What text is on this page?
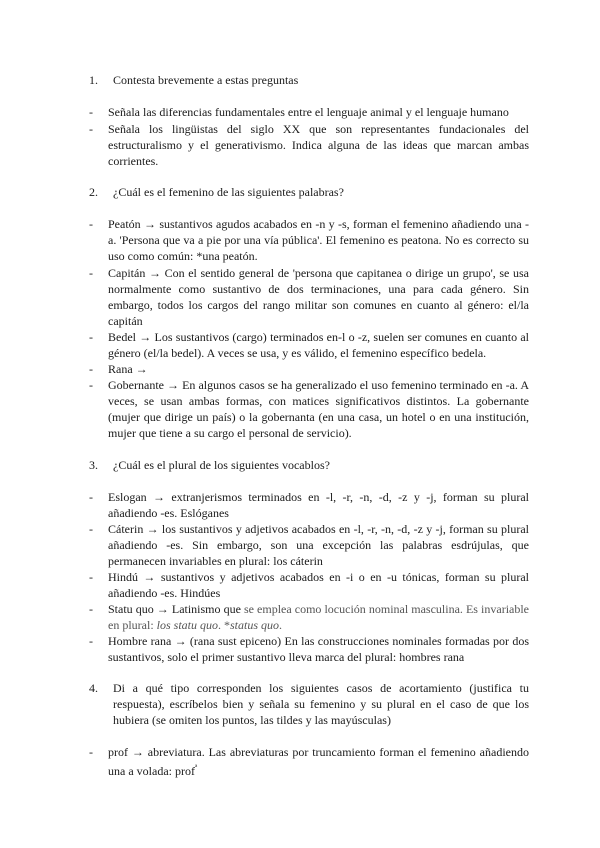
1. Contesta brevemente a estas preguntas
- Señala las diferencias fundamentales entre el lenguaje animal y el lenguaje humano
- Señala los lingüistas del siglo XX que son representantes fundacionales del estructuralismo y el generativismo. Indica alguna de las ideas que marcan ambas corrientes.
2. ¿Cuál es el femenino de las siguientes palabras?
- Peatón → sustantivos agudos acabados en -n y -s, forman el femenino añadiendo una -a. 'Persona que va a pie por una vía pública'. El femenino es peatona. No es correcto su uso como común: *una peatón.
- Capitán → Con el sentido general de 'persona que capitanea o dirige un grupo', se usa normalmente como sustantivo de dos terminaciones, una para cada género. Sin embargo, todos los cargos del rango militar son comunes en cuanto al género: el/la capitán
- Bedel → Los sustantivos (cargo) terminados en-l o -z, suelen ser comunes en cuanto al género (el/la bedel). A veces se usa, y es válido, el femenino específico bedela.
- Rana →
- Gobernante → En algunos casos se ha generalizado el uso femenino terminado en -a. A veces, se usan ambas formas, con matices significativos distintos. La gobernante (mujer que dirige un país) o la gobernanta (en una casa, un hotel o en una institución, mujer que tiene a su cargo el personal de servicio).
3. ¿Cuál es el plural de los siguientes vocablos?
- Eslogan → extranjerismos terminados en -l, -r, -n, -d, -z y -j, forman su plural añadiendo -es. Eslóganes
- Cáterin → los sustantivos y adjetivos acabados en -l, -r, -n, -d, -z y -j, forman su plural añadiendo -es. Sin embargo, son una excepción las palabras esdrújulas, que permanecen invariables en plural: los cáterin
- Hindú → sustantivos y adjetivos acabados en -i o en -u tónicas, forman su plural añadiendo -es. Hindúes
- Statu quo → Latinismo que se emplea como locución nominal masculina. Es invariable en plural: los statu quo. *status quo.
- Hombre rana → (rana sust epiceno) En las construcciones nominales formadas por dos sustantivos, solo el primer sustantivo lleva marca del plural: hombres rana
4. Di a qué tipo corresponden los siguientes casos de acortamiento (justifica tu respuesta), escríbelos bien y señala su femenino y su plural en el caso de que los hubiera (se omiten los puntos, las tildes y las mayúsculas)
- prof → abreviatura. Las abreviaturas por truncamiento forman el femenino añadiendo una a volada: prof$^ª$
